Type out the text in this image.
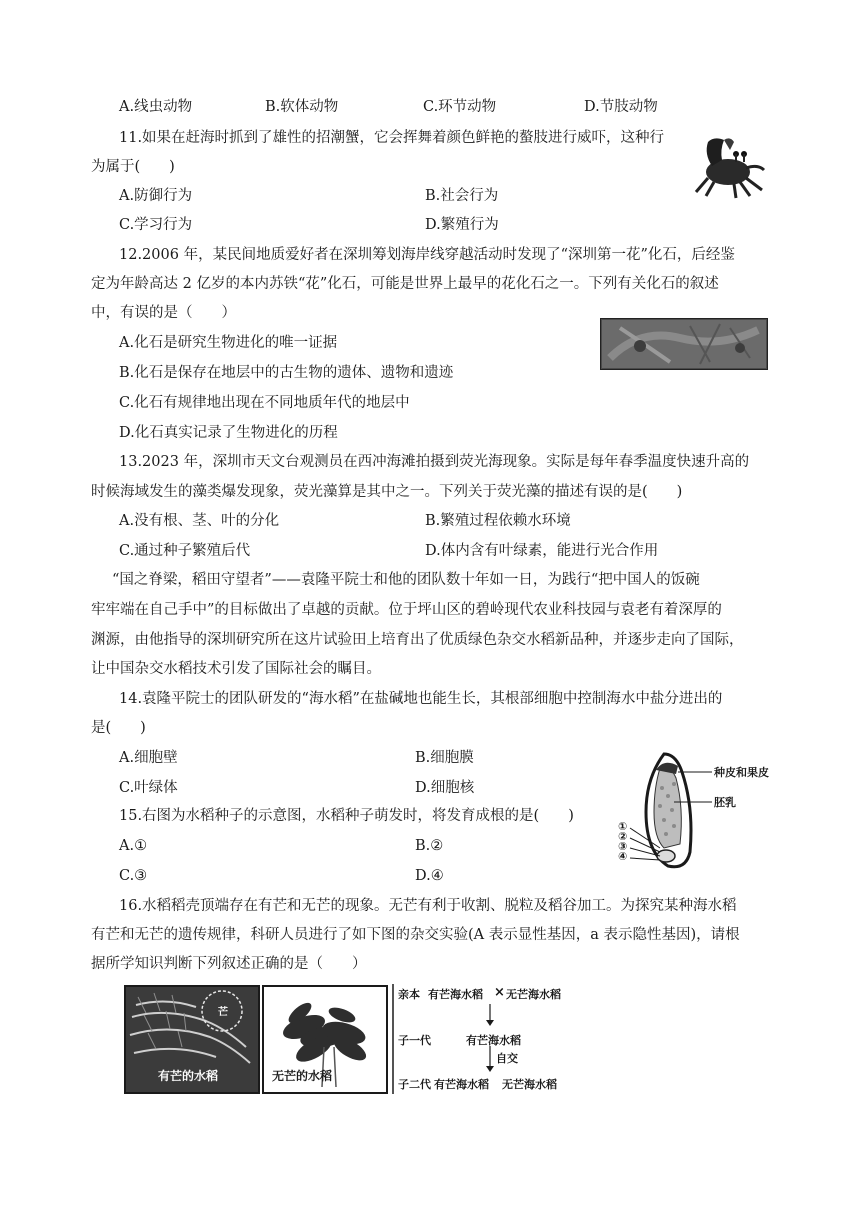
A.线虫动物	B.软体动物	C.环节动物	D.节肢动物
11.如果在赶海时抓到了雄性的招潮蟹，它会挥舞着颜色鲜艳的螯肢进行威吓，这种行
为属于(　　)
A.防御行为	B.社会行为
C.学习行为	D.繁殖行为
12.2006 年，某民间地质爱好者在深圳筹划海岸线穿越活动时发现了“深圳第一花”化石，后经鉴
定为年龄高达 2 亿岁的本内苏铁“花”化石，可能是世界上最早的花化石之一。下列有关化石的叙述
中，有误的是（　　）
A.化石是研究生物进化的唯一证据
B.化石是保存在地层中的古生物的遗体、遗物和遗迹
C.化石有规律地出现在不同地质年代的地层中
D.化石真实记录了生物进化的历程
13.2023 年，深圳市天文台观测员在西冲海滩拍摄到荧光海现象。实际是每年春季温度快速升高的
时候海域发生的藻类爆发现象，荧光藻算是其中之一。下列关于荧光藻的描述有误的是(　　)
A.没有根、茎、叶的分化	B.繁殖过程依赖水环境
C.通过种子繁殖后代	D.体内含有叶绿素，能进行光合作用
“国之脊梁，稻田守望者”——袁隆平院士和他的团队数十年如一日，为践行“把中国人的饭碗
牢牢端在自己手中”的目标做出了卓越的贡献。位于坪山区的碧岭现代农业科技园与袁老有着深厚的
渊源，由他指导的深圳研究所在这片试验田上培育出了优质绿色杂交水稻新品种，并逐步走向了国际，
让中国杂交水稻技术引发了国际社会的瞩目。
14.袁隆平院士的团队研发的“海水稻”在盐碱地也能生长，其根部细胞中控制海水中盐分进出的
是(　　)
A.细胞壁	B.细胞膜
C.叶绿体	D.细胞核
15.右图为水稻种子的示意图，水稻种子萌发时，将发育成根的是(　　)
A.①	B.②
C.③	D.④
种皮和果皮
胚乳
①
②
③
④
16.水稻稻壳顶端存在有芒和无芒的现象。无芒有利于收割、脱粒及稻谷加工。为探究某种海水稻
有芒和无芒的遗传规律，科研人员进行了如下图的杂交实验(A 表示显性基因，a 表示隐性基因)，请根
据所学知识判断下列叙述正确的是（　　）
有芒的水稻
芒
无芒的水稻
亲本 有芒海水稻 × 无芒海水稻
子一代	有芒海水稻
自交
子二代 有芒海水稻 无芒海水稻
